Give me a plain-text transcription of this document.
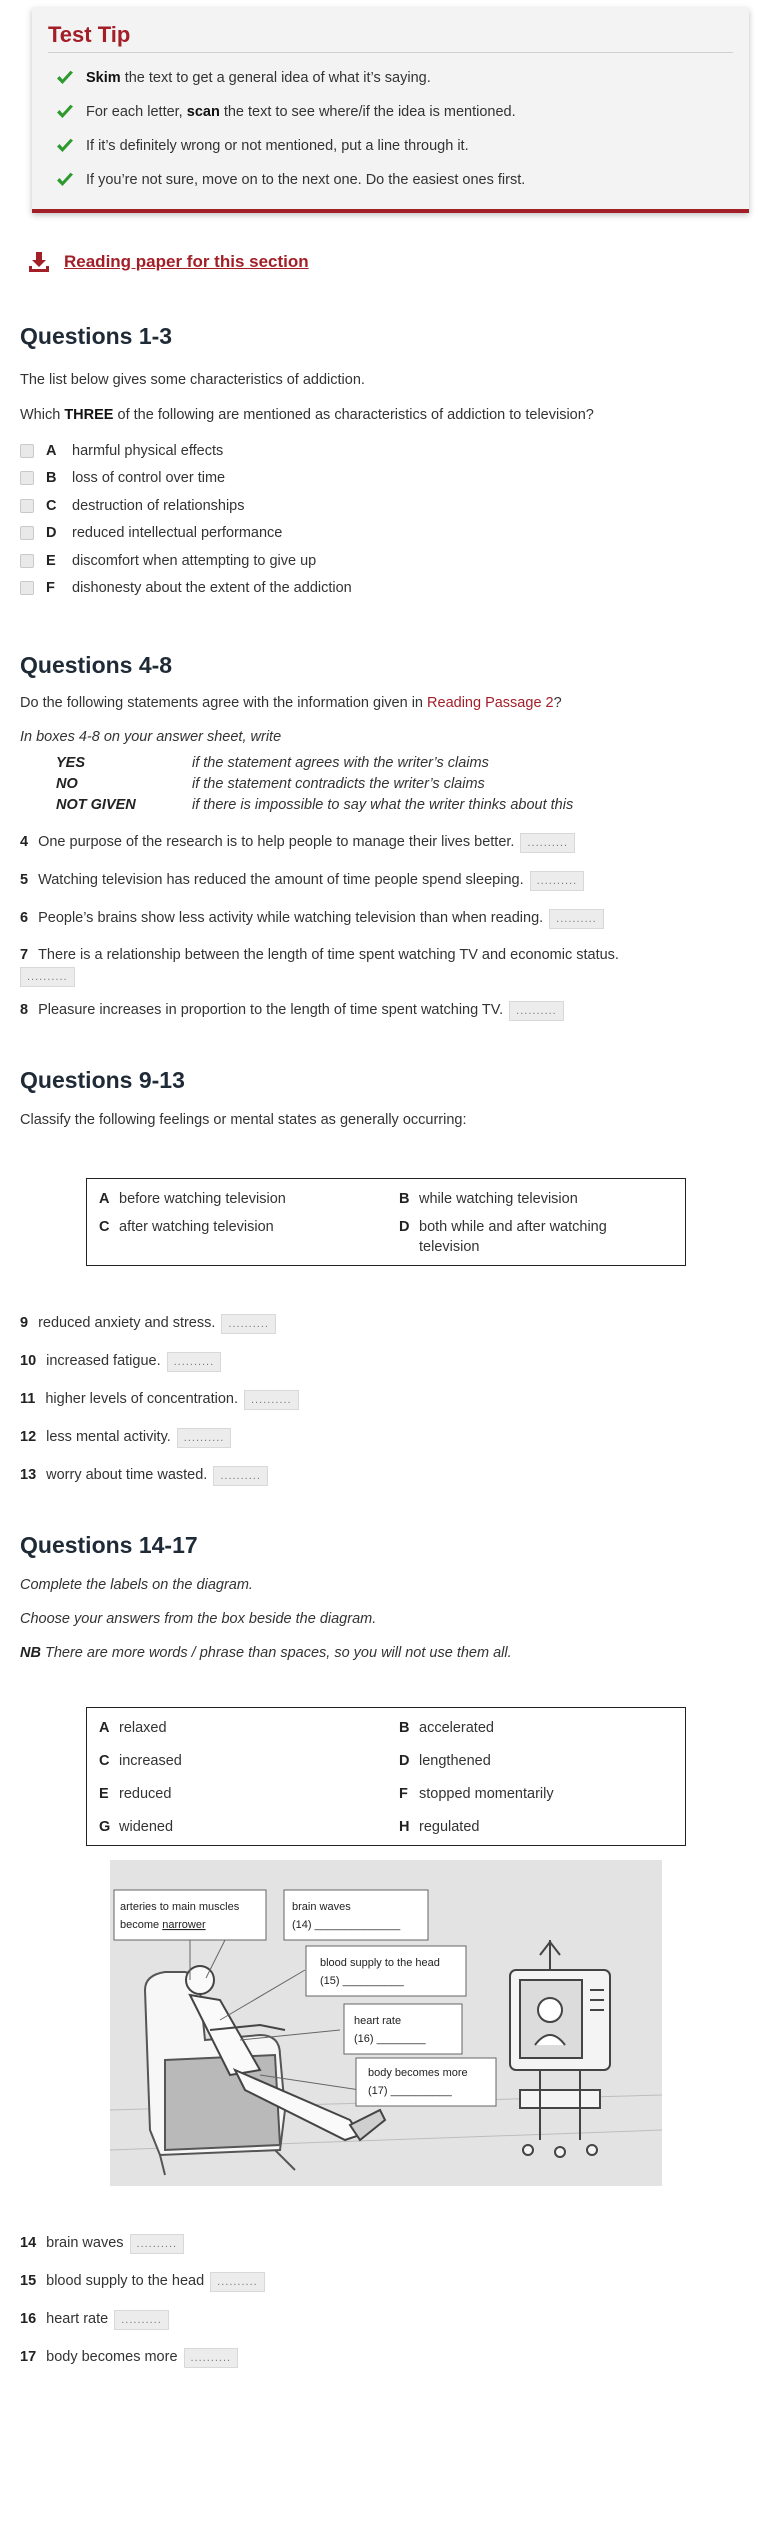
Test Tip
Skim the text to get a general idea of what it’s saying.
For each letter, scan the text to see where/if the idea is mentioned.
If it’s definitely wrong or not mentioned, put a line through it.
If you’re not sure, move on to the next one. Do the easiest ones first.
Reading paper for this section
Questions 1-3

The list below gives some characteristics of addiction.

Which THREE of the following are mentioned as characteristics of addiction to television?

A	harmful physical effects
B	loss of control over time
C	destruction of relationships
D	reduced intellectual performance
E	discomfort when attempting to give up
F	dishonesty about the extent of the addiction
Questions 4-8

Do the following statements agree with the information given in Reading Passage 2?

In boxes 4-8 on your answer sheet, write

YES	if the statement agrees with the writer’s claims
NO	if the statement contradicts the writer’s claims
NOT GIVEN	if there is impossible to say what the writer thinks about this
4 One purpose of the research is to help people to manage their lives better.	..........
5 Watching television has reduced the amount of time people spend sleeping.	..........
6 People’s brains show less activity while watching television than when reading.	..........
7 There is a relationship between the length of time spent watching TV and economic status.
..........
8 Pleasure increases in proportion to the length of time spent watching TV.	..........
Questions 9-13

Classify the following feelings or mental states as generally occurring:

A before watching television	B while watching television
C after watching television	D both while and after watching television
9 reduced anxiety and stress.	..........
10 increased fatigue.	..........
11 higher levels of concentration.	..........
12 less mental activity.	..........
13 worry about time wasted.	..........
Questions 14-17

Complete the labels on the diagram.

Choose your answers from the box beside the diagram.

NB There are more words / phrase than spaces, so you will not use them all.

A relaxed	B accelerated
C increased	D lengthened
E reduced	F stopped momentarily
G widened	H regulated
arteries to main muscles
become narrower
brain waves
(14) ______________
blood supply to the head
(15) __________
heart rate
(16) ________
body becomes more
(17) __________
14 brain waves	..........
15 blood supply to the head	..........
16 heart rate	..........
17 body becomes more	..........
